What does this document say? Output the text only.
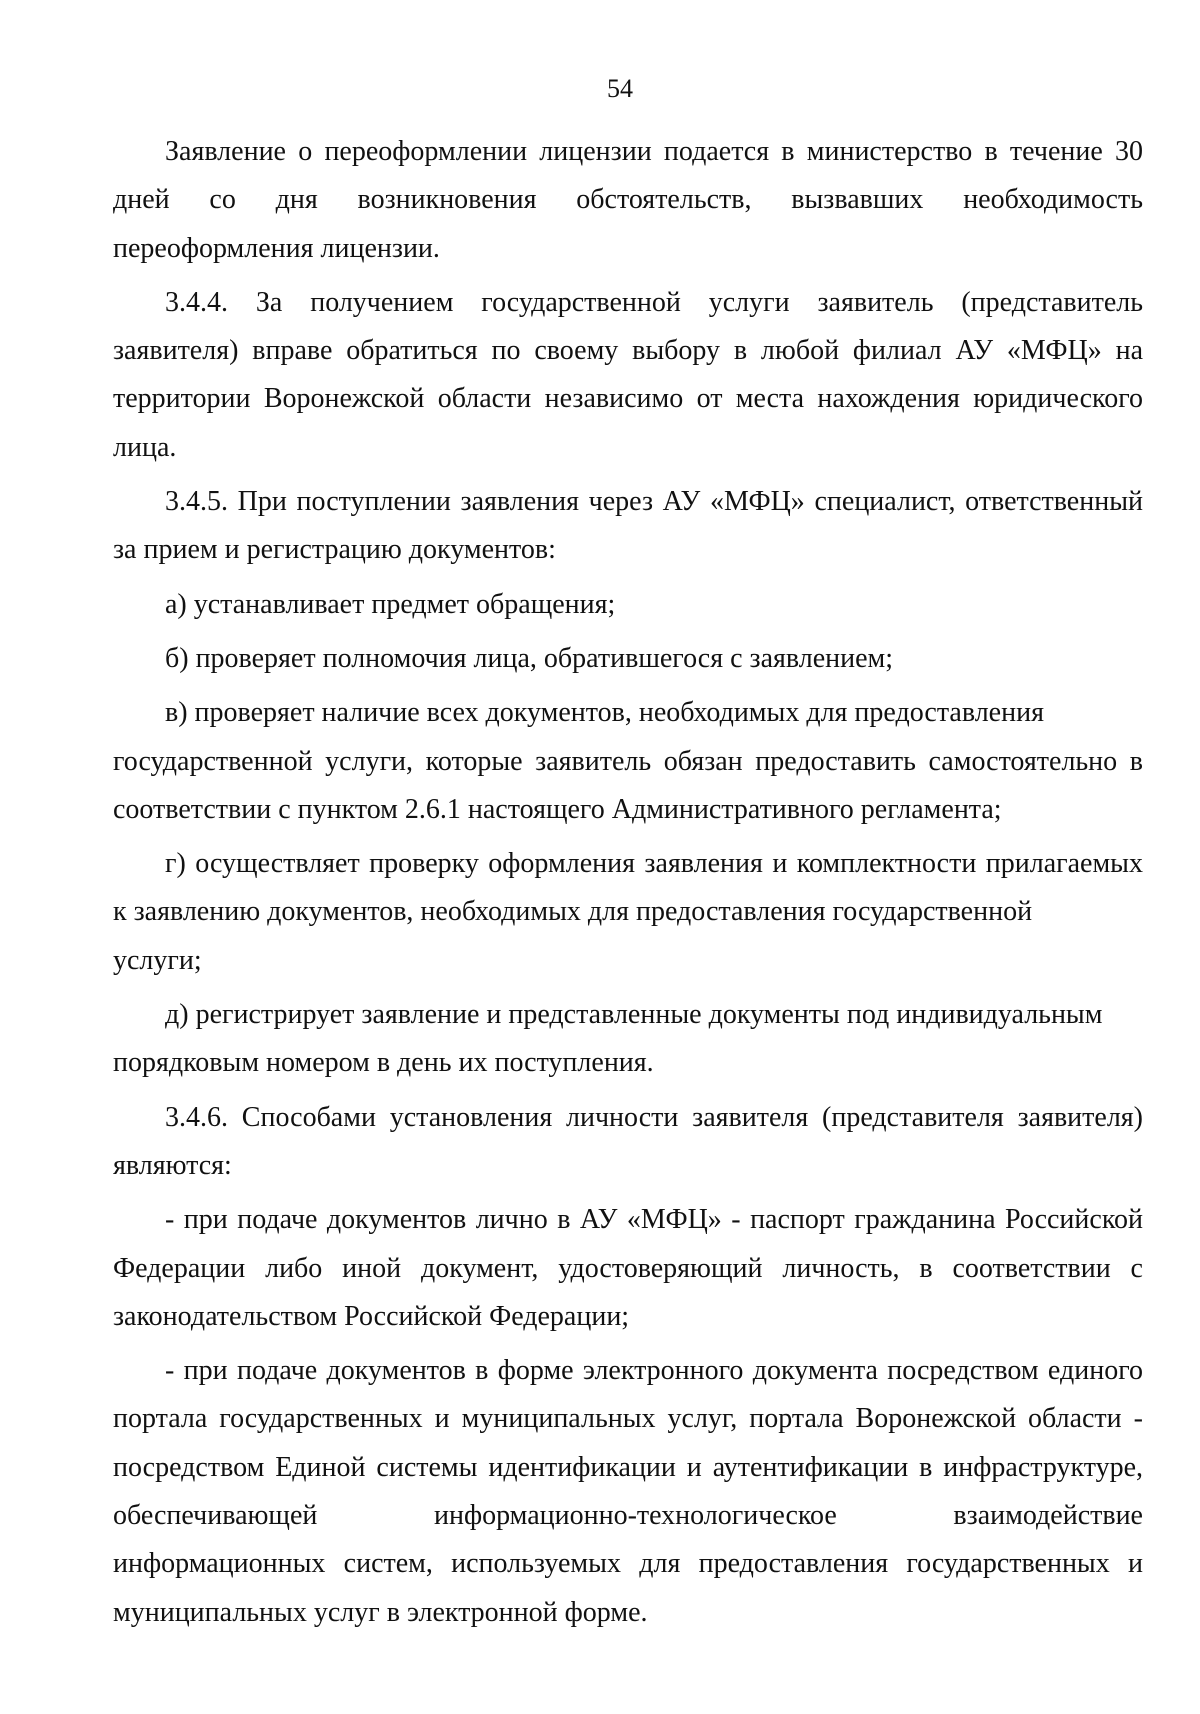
54

Заявление о переоформлении лицензии подается в министерство в течение 30
дней со дня возникновения обстоятельств, вызвавших необходимость
переоформления лицензии.

3.4.4. За получением государственной услуги заявитель (представитель
заявителя) вправе обратиться по своему выбору в любой филиал АУ «МФЦ» на
территории Воронежской области независимо от места нахождения юридического
лица.

3.4.5. При поступлении заявления через АУ «МФЦ» специалист, ответственный
за прием и регистрацию документов:

а) устанавливает предмет обращения;

б) проверяет полномочия лица, обратившегося с заявлением;

в) проверяет наличие всех документов, необходимых для предоставления
государственной услуги, которые заявитель обязан предоставить самостоятельно в
соответствии с пунктом 2.6.1 настоящего Административного регламента;

г) осуществляет проверку оформления заявления и комплектности прилагаемых
к заявлению документов, необходимых для предоставления государственной
услуги;

д) регистрирует заявление и представленные документы под индивидуальным
порядковым номером в день их поступления.

3.4.6. Способами установления личности заявителя (представителя заявителя)
являются:

- при подаче документов лично в АУ «МФЦ» - паспорт гражданина Российской
Федерации либо иной документ, удостоверяющий личность, в соответствии с
законодательством Российской Федерации;

- при подаче документов в форме электронного документа посредством единого
портала государственных и муниципальных услуг, портала Воронежской области -
посредством Единой системы идентификации и аутентификации в инфраструктуре,
обеспечивающей информационно-технологическое взаимодействие
информационных систем, используемых для предоставления государственных и
муниципальных услуг в электронной форме.
